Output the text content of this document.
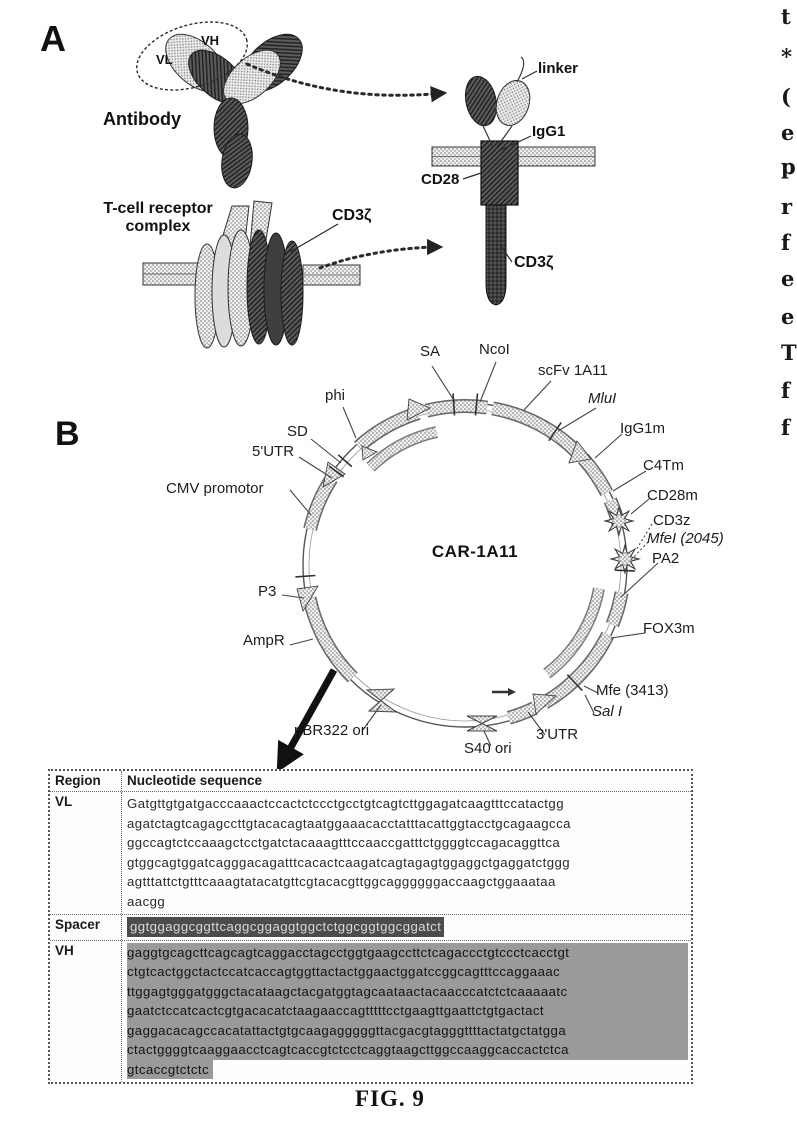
A
VL
VH
Antibody
T-cell receptor
complex
CD3ζ
linker
IgG1
CD28
CD3ζ
B
CAR-1A11
SA	NcoI
scFv 1A11
MluI
IgG1m
C4Tm
CD28m
CD3z
MfeI (2045)
PA2
FOX3m
Mfe (3413)
Sal I
3'UTR
S40 ori
pBR322 ori
AmpR
P3
CMV promotor
5'UTR
SD
phi
Region	Nucleotide sequence
VL	Gatgttgtgatgacccaaactccactctccctgcctgtcagtcttggagatcaagtttccatactgg
agatctagtcagagccttgtacacagtaatggaaacacctatttacattggtacctgcagaagcca
ggccagtctccaaagctcctgatctacaaagtttccaaccgatttctggggtccagacaggttca
gtggcagtggatcagggacagatttcacactcaagatcagtagagtggaggctgaggatctggg
agtttattctgtttcaaagtatacatgttcgtacacgttggcaggggggaccaagctggaaataa
aacgg
Spacer	ggtggaggcggttcaggcggaggtggctctggcggtggcggatct
VH	gaggtgcagcttcagcagtcaggacctagcctggtgaagccttctcagaccctgtccctcacctgt
ctgtcactggctactccatcaccagtggttactactggaactggatccggcagtttccaggaaac
ttggagtgggatgggctacataagctacgatggtagcaataactacaacccatctctcaaaaatc
gaatctccatcactcgtgacacatctaagaaccagtttttcctgaagttgaattctgtgactact
gaggacacagccacatattactgtgcaagagggggttacgacgtagggttttactatgctatgga
ctactggggtcaaggaacctcagtcaccgtctcctcaggtaagcttggccaaggcaccactctca
gtcaccgtctctc
FIG. 9
t
*
(
e
p
r
f
e
e
T
f
f
